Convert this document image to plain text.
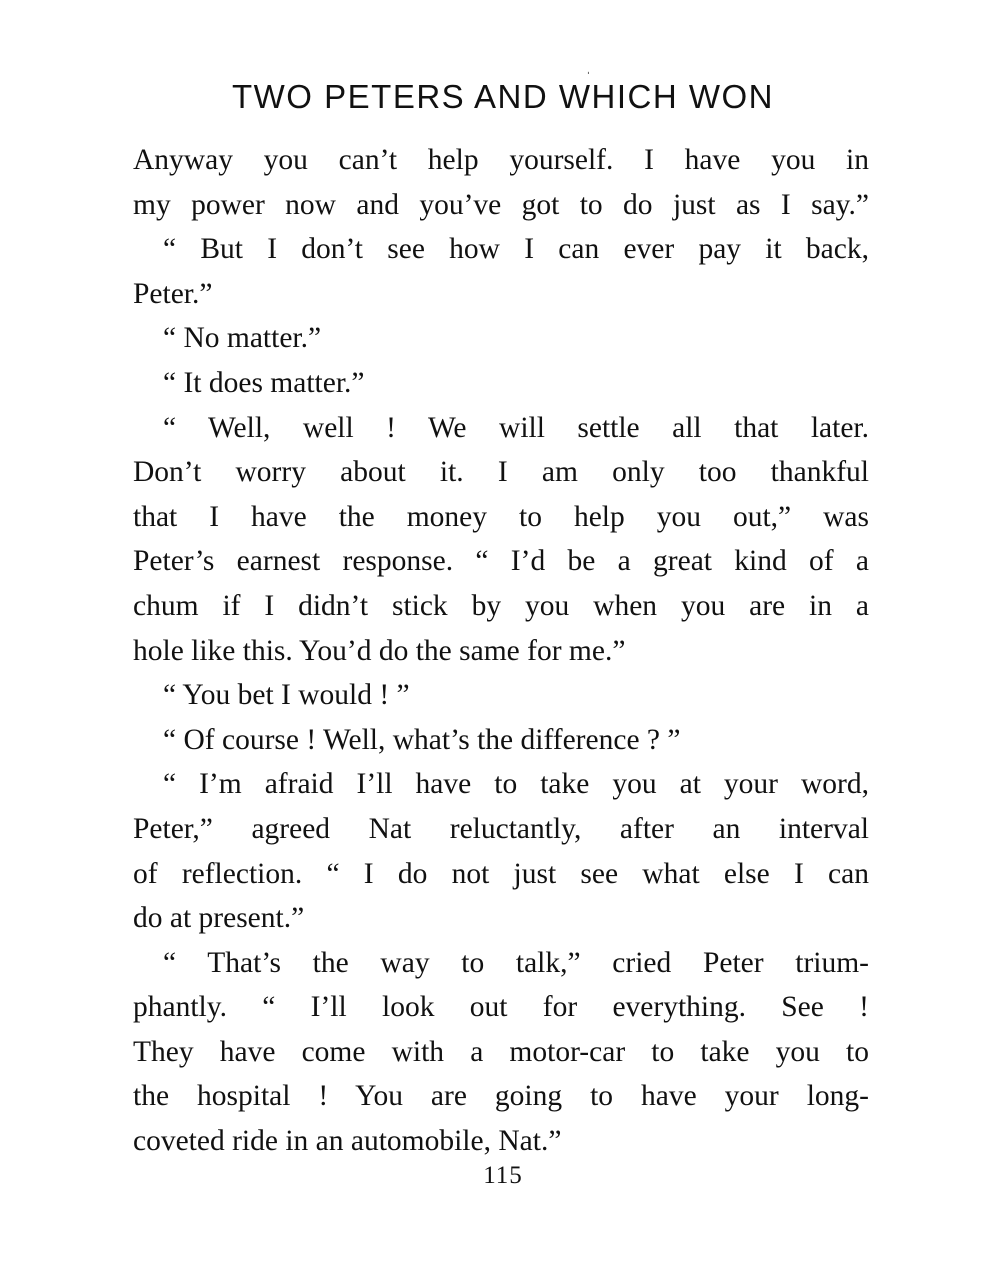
TWO PETERS AND WHICH WON
ˌ
Anyway you can’t help yourself. I have you in
my power now and you’ve got to do just as I say.”
“ But I don’t see how I can ever pay it back,
Peter.”
“ No matter.”
“ It does matter.”
“ Well, well ! We will settle all that later.
Don’t worry about it. I am only too thankful
that I have the money to help you out,” was
Peter’s earnest response. “ I’d be a great kind of a
chum if I didn’t stick by you when you are in a
hole like this. You’d do the same for me.”
“ You bet I would ! ”
“ Of course ! Well, what’s the difference ? ”
“ I’m afraid I’ll have to take you at your word,
Peter,” agreed Nat reluctantly, after an interval
of reflection. “ I do not just see what else I can
do at present.”
“ That’s the way to talk,” cried Peter trium-
phantly. “ I’ll look out for everything. See !
They have come with a motor-car to take you to
the hospital ! You are going to have your long-
coveted ride in an automobile, Nat.”
115
